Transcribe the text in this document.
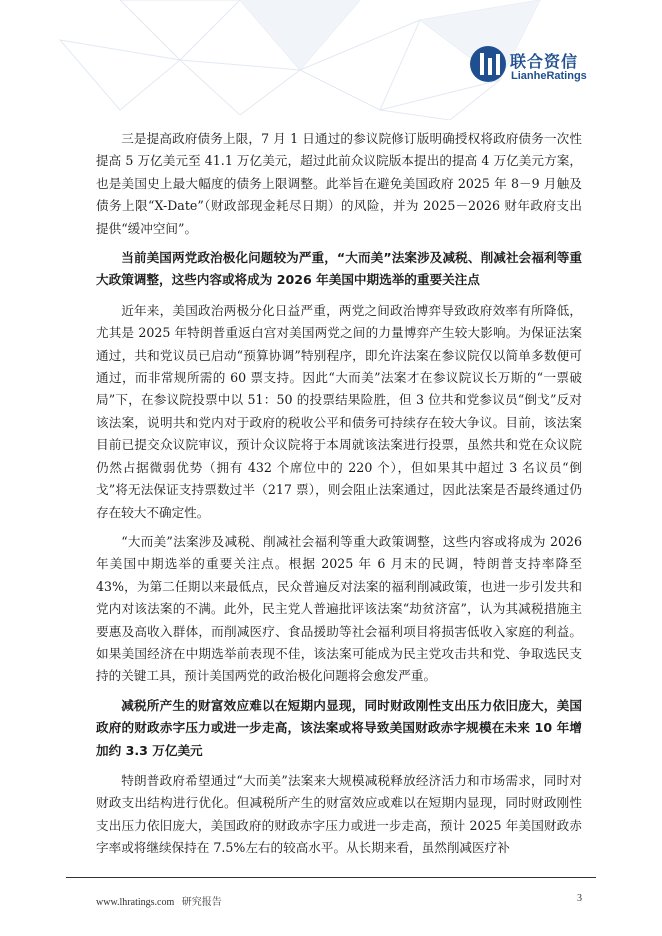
联合资信
LianheRatings

三是提高政府债务上限，7 月 1 日通过的参议院修订版明确授权将政府债务一次性提高 5 万亿美元至 41.1 万亿美元，超过此前众议院版本提出的提高 4 万亿美元方案，也是美国史上最大幅度的债务上限调整。此举旨在避免美国政府 2025 年 8－9 月触及债务上限“X-Date”（财政部现金耗尽日期）的风险，并为 2025－2026 财年政府支出提供“缓冲空间”。

当前美国两党政治极化问题较为严重，“大而美”法案涉及减税、削减社会福利等重大政策调整，这些内容或将成为 2026 年美国中期选举的重要关注点

近年来，美国政治两极分化日益严重，两党之间政治博弈导致政府效率有所降低，尤其是 2025 年特朗普重返白宫对美国两党之间的力量博弈产生较大影响。为保证法案通过，共和党议员已启动“预算协调”特别程序，即允许法案在参议院仅以简单多数便可通过，而非常规所需的 60 票支持。因此“大而美”法案才在参议院议长万斯的“一票破局”下，在参议院投票中以 51：50 的投票结果险胜，但 3 位共和党参议员“倒戈”反对该法案，说明共和党内对于政府的税收公平和债务可持续存在较大争议。目前，该法案目前已提交众议院审议，预计众议院将于本周就该法案进行投票，虽然共和党在众议院仍然占据微弱优势（拥有 432 个席位中的 220 个），但如果其中超过 3 名议员“倒戈”将无法保证支持票数过半（217 票），则会阻止法案通过，因此法案是否最终通过仍存在较大不确定性。

“大而美”法案涉及减税、削减社会福利等重大政策调整，这些内容或将成为 2026 年美国中期选举的重要关注点。根据 2025 年 6 月末的民调，特朗普支持率降至 43%，为第二任期以来最低点，民众普遍反对法案的福利削减政策，也进一步引发共和党内对该法案的不满。此外，民主党人普遍批评该法案“劫贫济富”，认为其减税措施主要惠及高收入群体，而削减医疗、食品援助等社会福利项目将损害低收入家庭的利益。如果美国经济在中期选举前表现不佳，该法案可能成为民主党攻击共和党、争取选民支持的关键工具，预计美国两党的政治极化问题将会愈发严重。

减税所产生的财富效应难以在短期内显现，同时财政刚性支出压力依旧庞大，美国政府的财政赤字压力或进一步走高，该法案或将导致美国财政赤字规模在未来 10 年增加约 3.3 万亿美元

特朗普政府希望通过“大而美”法案来大规模减税释放经济活力和市场需求，同时对财政支出结构进行优化。但减税所产生的财富效应或难以在短期内显现，同时财政刚性支出压力依旧庞大，美国政府的财政赤字压力或进一步走高，预计 2025 年美国财政赤字率或将继续保持在 7.5%左右的较高水平。从长期来看，虽然削减医疗补

www.lhratings.com 研究报告	3
